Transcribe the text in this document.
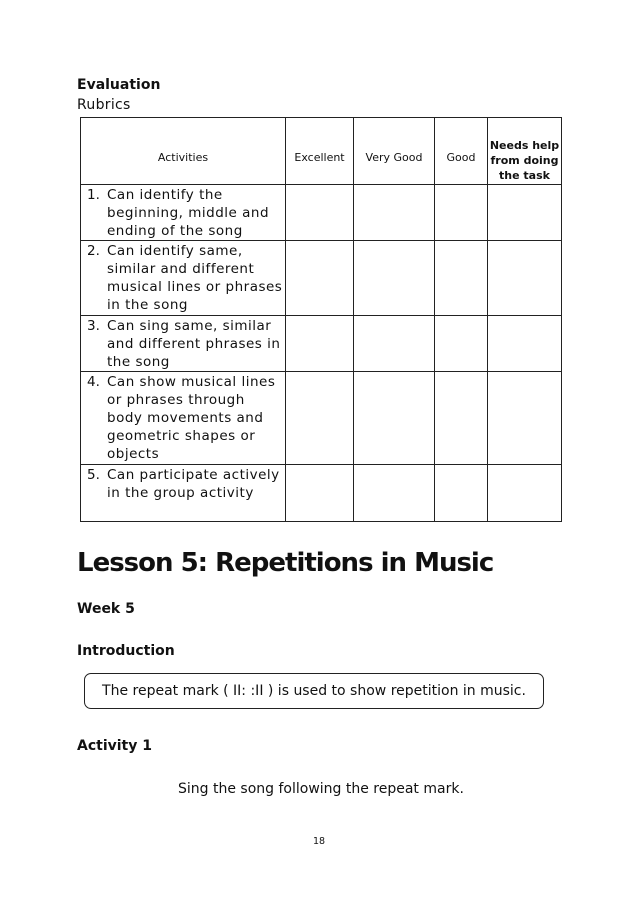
Evaluation
Rubrics
Activities	Excellent	Very Good	Good	Needs help from doing the task

1. Can identify the beginning, middle and ending of the song				

2. Can identify same, similar and different musical lines or phrases in the song				

3. Can sing same, similar and different phrases in the song				

4. Can show musical lines or phrases through body movements and geometric shapes or objects				

5. Can participate actively in the group activity				

Lesson 5: Repetitions in Music
Week 5
Introduction
The repeat mark ( II: :II ) is used to show repetition in music.
Activity 1
Sing the song following the repeat mark.
18
